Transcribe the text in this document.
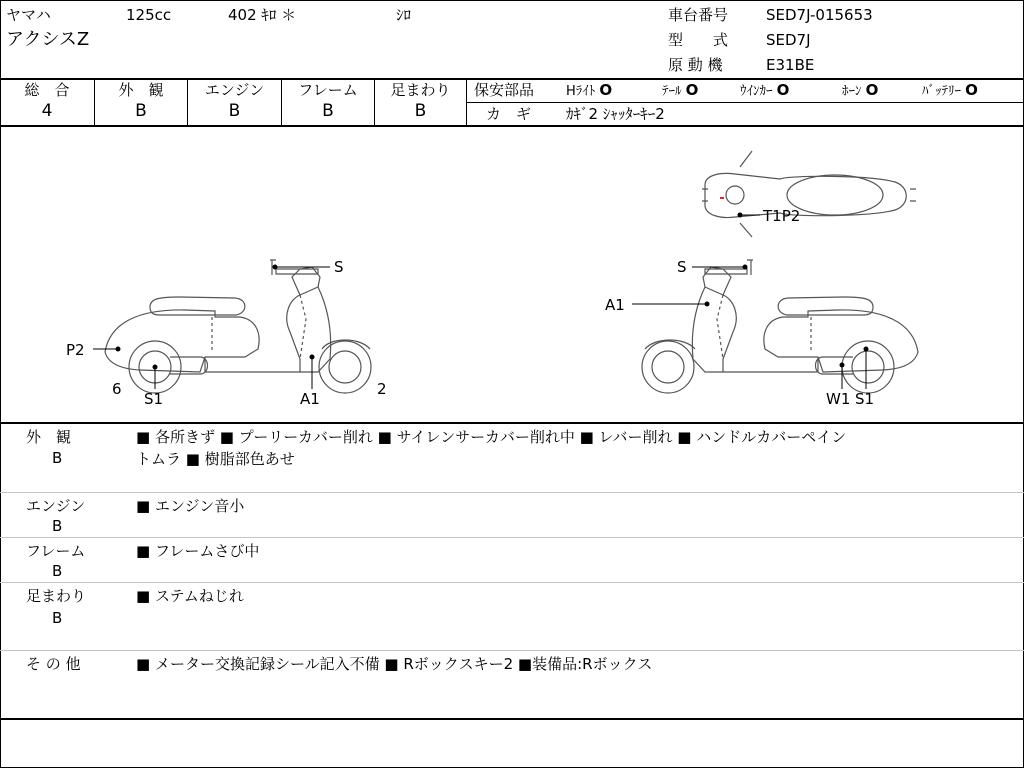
ヤマハ	125cc	402 ｷﾛ ＊	ｼﾛ
アクシスZ
車台番号	SED7J-015653
型　　式	SED7J
原 動 機	E31BE
総　合
4
外　観
B
エンジン
B
フレーム
B
足まわり
B
保安部品 Hﾗｲﾄ O	ﾃｰﾙ O	ｳｲﾝｶｰ O	ﾎｰﾝ O	ﾊﾞｯﾃﾘｰ O
カ　ギ ｶｷﾞ2 ｼｬｯﾀｰｷｰ2
S
P2
6
S1	A1
2
S
A1
W1 S1
T1P2
外　観
B
■ 各所きず ■ プーリーカバー削れ ■ サイレンサーカバー削れ中 ■ レバー削れ ■ ハンドルカバーペイン
トムラ ■ 樹脂部色あせ
エンジン
B
■ エンジン音小
フレーム
B
■ フレームさび中
足まわり
B
■ ステムねじれ
そ の 他	■ メーター交換記録シール記入不備 ■ Rボックスキー2 ■装備品:Rボックス
